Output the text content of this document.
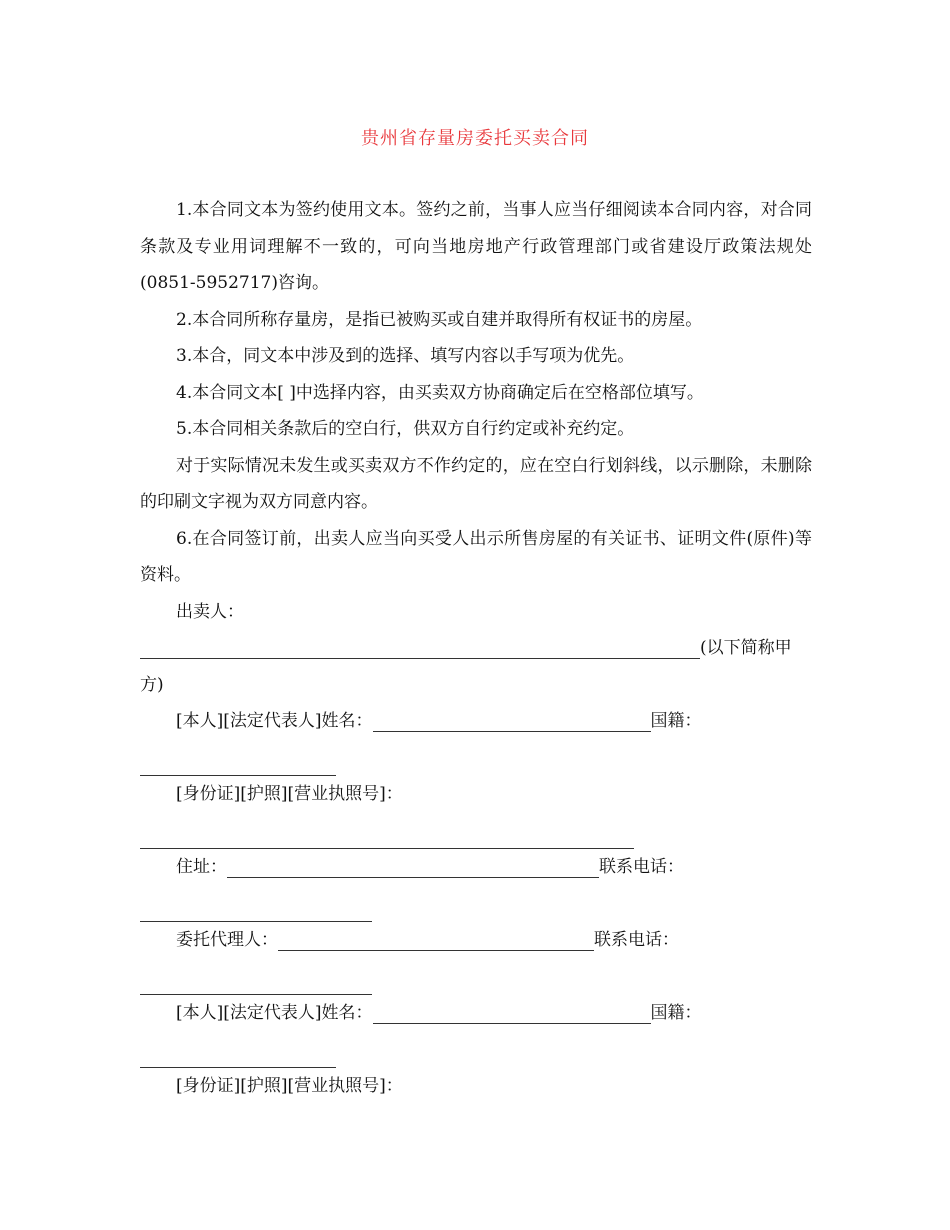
贵州省存量房委托买卖合同

1.本合同文本为签约使用文本。签约之前，当事人应当仔细阅读本合同内容，对合同条款及专业用词理解不一致的，可向当地房地产行政管理部门或省建设厅政策法规处(0851-5952717)咨询。

2.本合同所称存量房，是指已被购买或自建并取得所有权证书的房屋。

3.本合，同文本中涉及到的选择、填写内容以手写项为优先。

4.本合同文本[ ]中选择内容，由买卖双方协商确定后在空格部位填写。

5.本合同相关条款后的空白行，供双方自行约定或补充约定。

对于实际情况未发生或买卖双方不作约定的，应在空白行划斜线，以示删除，未删除的印刷文字视为双方同意内容。

6.在合同签订前，出卖人应当向买受人出示所售房屋的有关证书、证明文件(原件)等资料。

出卖人：

(以下简称甲

方)

[本人][法定代表人]姓名：	国籍：

[身份证][护照][营业执照号]：

住址：	联系电话：
委托代理人：	联系电话：
[本人][法定代表人]姓名：	国籍：

[身份证][护照][营业执照号]：
